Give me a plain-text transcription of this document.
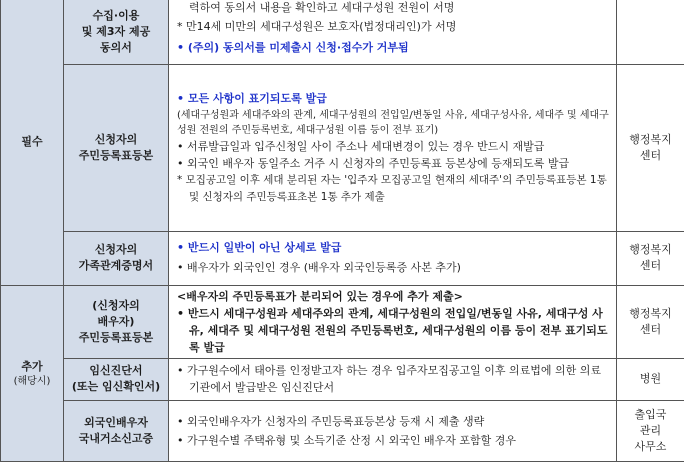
필수	수집·이용
및 제3자 제공
동의서	력하여 동의서 내용을 확인하고 세대구성원 전원이 서명
* 만14세 미만의 세대구성원은 보호자(법정대리인)가 서명
• (주의) 동의서를 미제출시 신청·접수가 거부됨	

	신청자의
주민등록표등본	• 모든 사항이 표기되도록 발급
(세대구성원과 세대주와의 관계, 세대구성원의 전입일/변동일 사유, 세대구성사유, 세대주 및 세대구성원 전원의 주민등록번호, 세대구성원 이름 등이 전부 표기)
• 서류발급일과 입주신청일 사이 주소나 세대변경이 있는 경우 반드시 재발급
• 외국인 배우자 동일주소 거주 시 신청자의 주민등록표 등본상에 등재되도록 발급
* 모집공고일 이후 세대 분리된 자는 '입주자 모집공고일 현재의 세대주'의 주민등록표등본 1통 및 신청자의 주민등록표초본 1통 추가 제출	행정복지
센터

	신청자의
가족관계증명서	• 반드시 일반이 아닌 상세로 발급
• 배우자가 외국인인 경우 (배우자 외국인등록증 사본 추가)	행정복지
센터

추가
(해당시)	(신청자의
배우자)
주민등록표등본	<배우자의 주민등록표가 분리되어 있는 경우에 추가 제출>
• 반드시 세대구성원과 세대주와의 관계, 세대구성원의 전입일/변동일 사유, 세대구성 사유, 세대주 및 세대구성원 전원의 주민등록번호, 세대구성원의 이름 등이 전부 표기되도록 발급	행정복지
센터

	임신진단서
(또는 임신확인서)	• 가구원수에서 태아를 인정받고자 하는 경우 입주자모집공고일 이후 의료법에 의한 의료기관에서 발급받은 임신진단서	병원

	외국인배우자
국내거소신고증	• 외국인배우자가 신청자의 주민등록표등본상 등재 시 제출 생략
• 가구원수별 주택유형 및 소득기준 산정 시 외국인 배우자 포함할 경우	출입국
관리
사무소
